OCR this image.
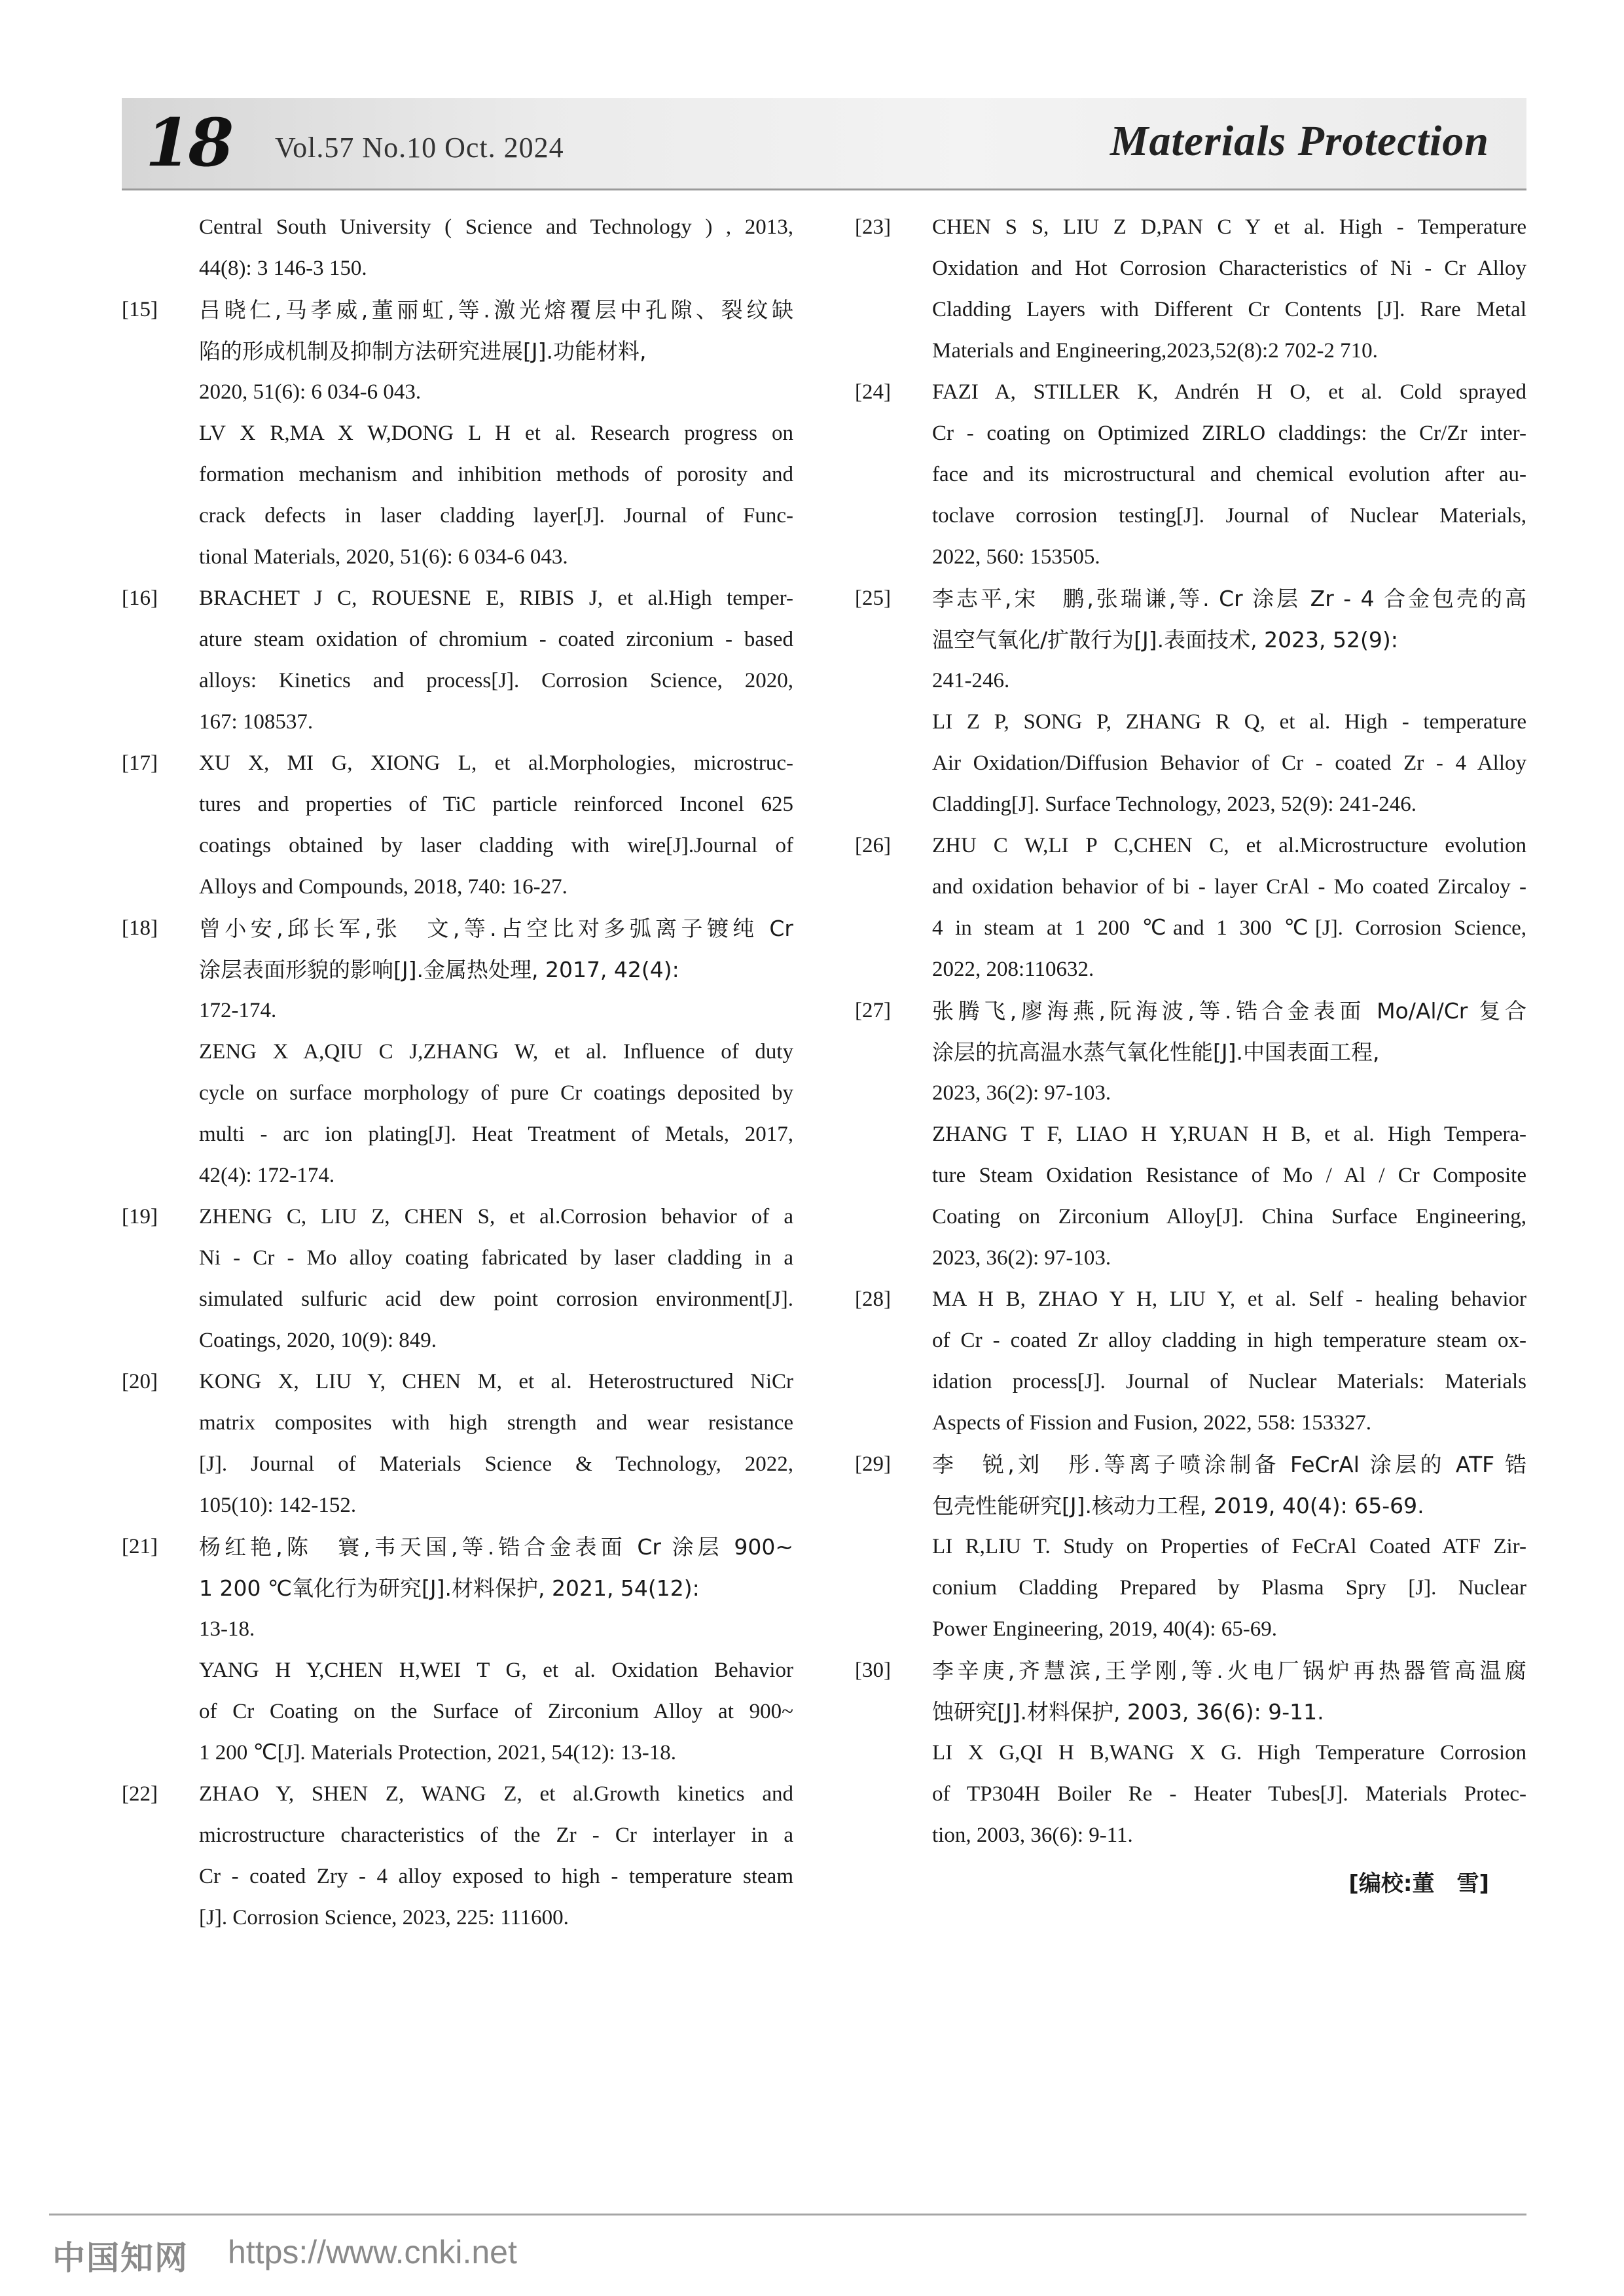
18 Vol.57 No.10 Oct. 2024	Materials Protection
Central South University ( Science and Technology ) , 2013,
44(8): 3 146-3 150.
[15] 吕晓仁,马孝威,董丽虹,等.激光熔覆层中孔隙、裂纹缺
陷的形成机制及抑制方法研究进展[J].功能材料,
2020, 51(6): 6 034-6 043.
LV X R,MA X W,DONG L H et al. Research progress on
formation mechanism and inhibition methods of porosity and
crack defects in laser cladding layer[J]. Journal of Func-
tional Materials, 2020, 51(6): 6 034-6 043.
[16] BRACHET J C, ROUESNE E, RIBIS J, et al.High temper-
ature steam oxidation of chromium - coated zirconium - based
alloys: Kinetics and process[J]. Corrosion Science, 2020,
167: 108537.
[17] XU X, MI G, XIONG L, et al.Morphologies, microstruc-
tures and properties of TiC particle reinforced Inconel 625
coatings obtained by laser cladding with wire[J].Journal of
Alloys and Compounds, 2018, 740: 16-27.
[18] 曾小安,邱长军,张　文,等.占空比对多弧离子镀纯 Cr
涂层表面形貌的影响[J].金属热处理, 2017, 42(4):
172-174.
ZENG X A,QIU C J,ZHANG W, et al. Influence of duty
cycle on surface morphology of pure Cr coatings deposited by
multi - arc ion plating[J]. Heat Treatment of Metals, 2017,
42(4): 172-174.
[19] ZHENG C, LIU Z, CHEN S, et al.Corrosion behavior of a
Ni - Cr - Mo alloy coating fabricated by laser cladding in a
simulated sulfuric acid dew point corrosion environment[J].
Coatings, 2020, 10(9): 849.
[20] KONG X, LIU Y, CHEN M, et al. Heterostructured NiCr
matrix composites with high strength and wear resistance
[J]. Journal of Materials Science & Technology, 2022,
105(10): 142-152.
[21] 杨红艳,陈　寰,韦天国,等.锆合金表面 Cr 涂层 900~
1 200 ℃氧化行为研究[J].材料保护, 2021, 54(12):
13-18.
YANG H Y,CHEN H,WEI T G, et al. Oxidation Behavior
of Cr Coating on the Surface of Zirconium Alloy at 900~
1 200 ℃[J]. Materials Protection, 2021, 54(12): 13-18.
[22] ZHAO Y, SHEN Z, WANG Z, et al.Growth kinetics and
microstructure characteristics of the Zr - Cr interlayer in a
Cr - coated Zry - 4 alloy exposed to high - temperature steam
[J]. Corrosion Science, 2023, 225: 111600.
[23] CHEN S S, LIU Z D,PAN C Y et al. High - Temperature
Oxidation and Hot Corrosion Characteristics of Ni - Cr Alloy
Cladding Layers with Different Cr Contents [J]. Rare Metal
Materials and Engineering,2023,52(8):2 702-2 710.
[24] FAZI A, STILLER K, Andrén H O, et al. Cold sprayed
Cr - coating on Optimized ZIRLO claddings: the Cr/Zr inter-
face and its microstructural and chemical evolution after au-
toclave corrosion testing[J]. Journal of Nuclear Materials,
2022, 560: 153505.
[25] 李志平,宋　鹏,张瑞谦,等. Cr 涂层 Zr - 4 合金包壳的高
温空气氧化/扩散行为[J].表面技术, 2023, 52(9):
241-246.
LI Z P, SONG P, ZHANG R Q, et al. High - temperature
Air Oxidation/Diffusion Behavior of Cr - coated Zr - 4 Alloy
Cladding[J]. Surface Technology, 2023, 52(9): 241-246.
[26] ZHU C W,LI P C,CHEN C, et al.Microstructure evolution
and oxidation behavior of bi - layer CrAl - Mo coated Zircaloy -
4 in steam at 1 200 ℃and 1 300 ℃[J]. Corrosion Science,
2022, 208:110632.
[27] 张腾飞,廖海燕,阮海波,等.锆合金表面 Mo/Al/Cr 复合
涂层的抗高温水蒸气氧化性能[J].中国表面工程,
2023, 36(2): 97-103.
ZHANG T F, LIAO H Y,RUAN H B, et al. High Tempera-
ture Steam Oxidation Resistance of Mo / Al / Cr Composite
Coating on Zirconium Alloy[J]. China Surface Engineering,
2023, 36(2): 97-103.
[28] MA H B, ZHAO Y H, LIU Y, et al. Self - healing behavior
of Cr - coated Zr alloy cladding in high temperature steam ox-
idation process[J]. Journal of Nuclear Materials: Materials
Aspects of Fission and Fusion, 2022, 558: 153327.
[29] 李　锐,刘　彤.等离子喷涂制备 FeCrAl 涂层的 ATF 锆
包壳性能研究[J].核动力工程, 2019, 40(4): 65-69.
LI R,LIU T. Study on Properties of FeCrAl Coated ATF Zir-
conium Cladding Prepared by Plasma Spry [J]. Nuclear
Power Engineering, 2019, 40(4): 65-69.
[30] 李辛庚,齐慧滨,王学刚,等.火电厂锅炉再热器管高温腐
蚀研究[J].材料保护, 2003, 36(6): 9-11.
LI X G,QI H B,WANG X G. High Temperature Corrosion
of TP304H Boiler Re - Heater Tubes[J]. Materials Protec-
tion, 2003, 36(6): 9-11.
[编校:董　雪]
中国知网 https://www.cnki.net
